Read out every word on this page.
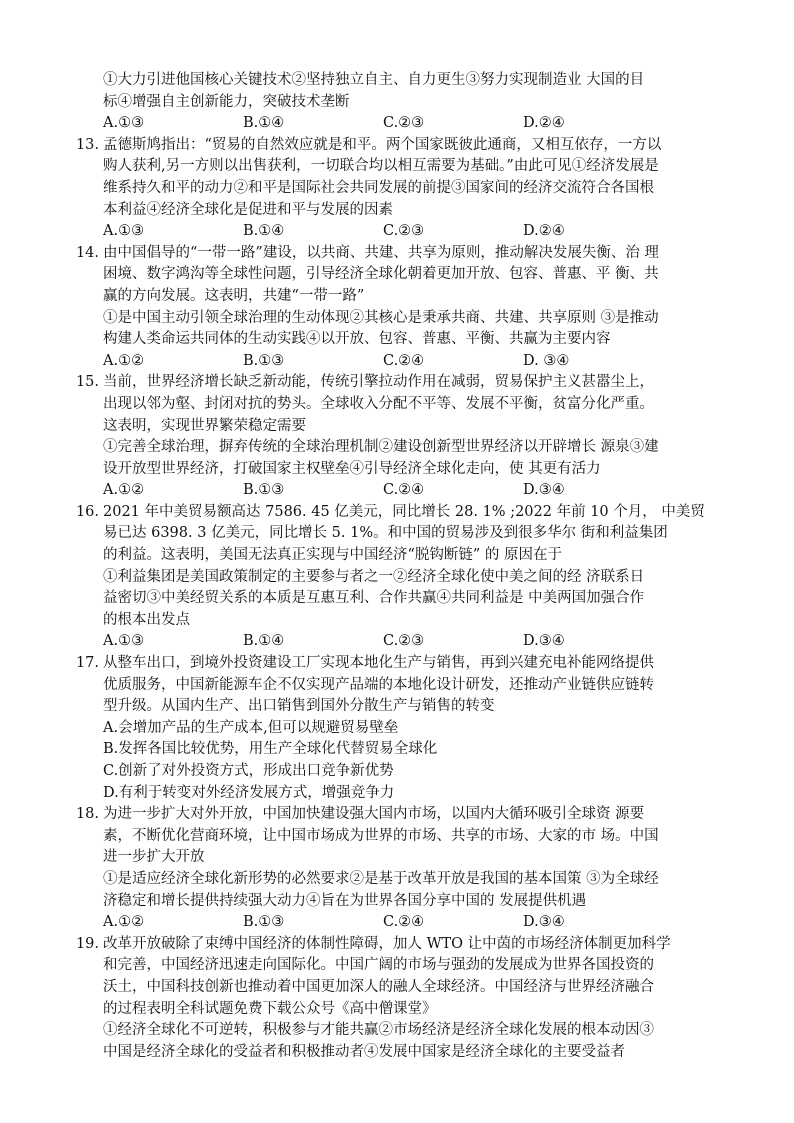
①大力引进他国核心关键技术②坚持独立自主、自力更生③努力实现制造业 大国的目
标④增强自主创新能力，突破技术垄断
A.①③	B.①④	C.②③	D.②④
13. 孟德斯鸠指出：“贸易的自然效应就是和平。两个国家既彼此通商，又相互依存，一方以
购人获利,另一方则以出售获利，一切联合均以相互需要为基础。”由此可见①经济发展是
维系持久和平的动力②和平是国际社会共同发展的前提③国家间的经济交流符合各国根
本利益④经济全球化是促进和平与发展的因素
A.①③	B.①④	C.②③	D.②④
14. 由中国倡导的“一带一路”建设，以共商、共建、共享为原则，推动解决发展失衡、治 理
困境、数字鸿沟等全球性问题，引导经济全球化朝着更加开放、包容、普惠、平 衡、共
赢的方向发展。这表明，共建“一带一路”
①是中国主动引领全球治理的生动体现②其核心是秉承共商、共建、共享原则 ③是推动
构建人类命运共同体的生动实践④以开放、包容、普惠、平衡、共赢为主要内容
A.①②	B.①③	C.②④	D. ③④
15. 当前，世界经济增长缺乏新动能，传统引擎拉动作用在减弱，贸易保护主义甚嚣尘上，
出现以邻为壑、封闭对抗的势头。全球收入分配不平等、发展不平衡，贫富分化严重。
这表明，实现世界繁荣稳定需要
①完善全球治理，摒弃传统的全球治理机制②建设创新型世界经济以开辟增长 源泉③建
设开放型世界经济，打破国家主权壁垒④引导经济全球化走向，使 其更有活力
A.①②	B.①③	C.②④	D.③④
16. 2021 年中美贸易额高达 7586. 45 亿美元，同比增长 28. 1% ;2022 年前 10 个月， 中美贸
易已达 6398. 3 亿美元，同比增长 5. 1%。和中国的贸易涉及到很多华尔 街和利益集团
的利益。这表明，美国无法真正实现与中国经济“脱钩断链” 的 原因在于
①利益集团是美国政策制定的主要参与者之一②经济全球化使中美之间的经 济联系日
益密切③中美经贸关系的本质是互惠互利、合作共赢④共同利益是 中美两国加强合作
的根本出发点
A.①③	B.①④	C.②③	D.③④
17. 从整车出口，到境外投资建设工厂实现本地化生产与销售，再到兴建充电补能网络提供
优质服务，中国新能源车企不仅实现产品端的本地化设计研发，还推动产业链供应链转
型升级。从国内生产、出口销售到国外分散生产与销售的转变
A.会增加产品的生产成本,但可以规避贸易壁垒
B.发挥各国比较优势，用生产全球化代替贸易全球化
C.创新了对外投资方式，形成出口竞争新优势
D.有利于转变对外经济发展方式，增强竞争力
18. 为进一步扩大对外开放，中国加快建设强大国内市场，以国内大循环吸引全球资 源要
素，不断优化营商环境，让中国市场成为世界的市场、共享的市场、大家的市 场。中国
进一步扩大开放
①是适应经济全球化新形势的必然要求②是基于改革开放是我国的基本国策 ③为全球经
济稳定和增长提供持续强大动力④旨在为世界各国分享中国的 发展提供机遇
A.①②	B.①③	C.②④	D.③④
19. 改革开放破除了束缚中国经济的体制性障碍，加人 WTO 让中茵的市场经济体制更加科学
和完善，中国经济迅速走向国际化。中国广阔的市场与强劲的发展成为世界各国投资的
沃土，中国科技创新也推动着中国更加深人的融人全球经济。中国经济与世界经济融合
的过程表明全科试题免费下载公众号《高中僧课堂》
①经济全球化不可逆转，积极参与才能共赢②市场经济是经济全球化发展的根本动因③
中国是经济全球化的受益者和积极推动者④发展中国家是经济全球化的主要受益者
